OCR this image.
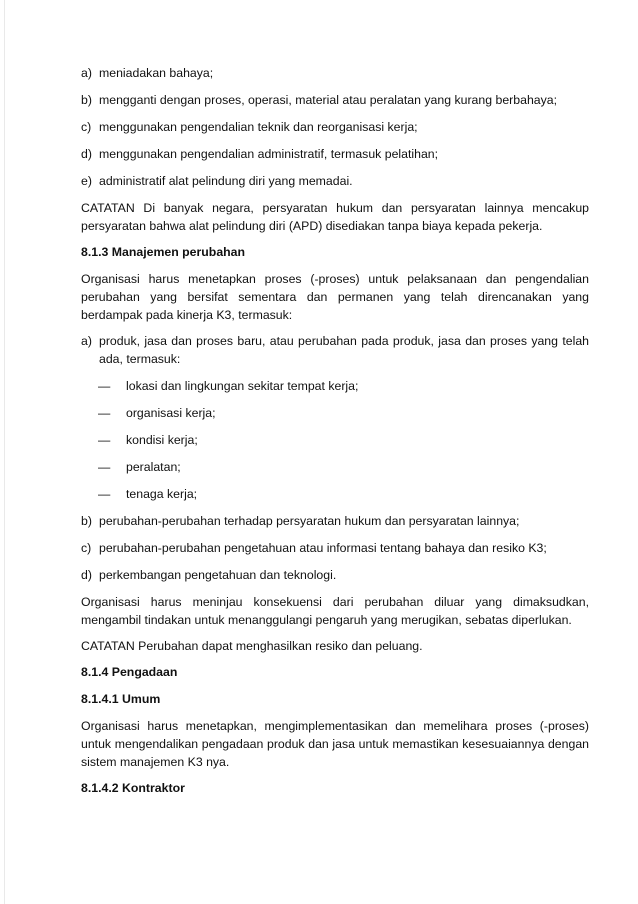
a) meniadakan bahaya;
b) mengganti dengan proses, operasi, material atau peralatan yang kurang berbahaya;
c) menggunakan pengendalian teknik dan reorganisasi kerja;
d) menggunakan pengendalian administratif, termasuk pelatihan;
e) administratif alat pelindung diri yang memadai.

CATATAN Di banyak negara, persyaratan hukum dan persyaratan lainnya mencakup persyaratan bahwa alat pelindung diri (APD) disediakan tanpa biaya kepada pekerja.

8.1.3 Manajemen perubahan

Organisasi harus menetapkan proses (-proses) untuk pelaksanaan dan pengendalian perubahan yang bersifat sementara dan permanen yang telah direncanakan yang berdampak pada kinerja K3, termasuk:

a) produk, jasa dan proses baru, atau perubahan pada produk, jasa dan proses yang telah ada, termasuk:
—	lokasi dan lingkungan sekitar tempat kerja;
—	organisasi kerja;
—	kondisi kerja;
—	peralatan;
—	tenaga kerja;
b) perubahan-perubahan terhadap persyaratan hukum dan persyaratan lainnya;
c) perubahan-perubahan pengetahuan atau informasi tentang bahaya dan resiko K3;
d) perkembangan pengetahuan dan teknologi.

Organisasi harus meninjau konsekuensi dari perubahan diluar yang dimaksudkan, mengambil tindakan untuk menanggulangi pengaruh yang merugikan, sebatas diperlukan.

CATATAN Perubahan dapat menghasilkan resiko dan peluang.

8.1.4 Pengadaan
8.1.4.1 Umum

Organisasi harus menetapkan, mengimplementasikan dan memelihara proses (-proses) untuk mengendalikan pengadaan produk dan jasa untuk memastikan kesesuaiannya dengan sistem manajemen K3 nya.

8.1.4.2 Kontraktor
